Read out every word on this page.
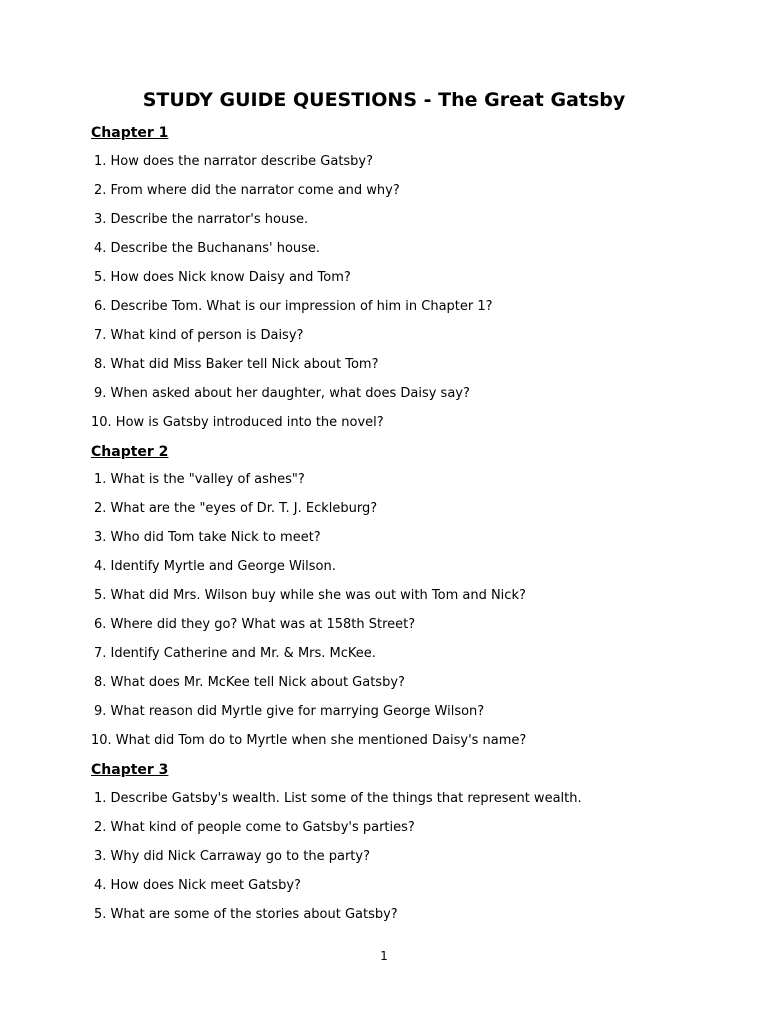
STUDY GUIDE QUESTIONS - The Great Gatsby
Chapter 1
1. How does the narrator describe Gatsby?
2. From where did the narrator come and why?
3. Describe the narrator's house.
4. Describe the Buchanans' house.
5. How does Nick know Daisy and Tom?
6. Describe Tom. What is our impression of him in Chapter 1?
7. What kind of person is Daisy?
8. What did Miss Baker tell Nick about Tom?
9. When asked about her daughter, what does Daisy say?
10. How is Gatsby introduced into the novel?
Chapter 2
1. What is the "valley of ashes"?
2. What are the "eyes of Dr. T. J. Eckleburg?
3. Who did Tom take Nick to meet?
4. Identify Myrtle and George Wilson.
5. What did Mrs. Wilson buy while she was out with Tom and Nick?
6. Where did they go? What was at 158th Street?
7. Identify Catherine and Mr. & Mrs. McKee.
8. What does Mr. McKee tell Nick about Gatsby?
9. What reason did Myrtle give for marrying George Wilson?
10. What did Tom do to Myrtle when she mentioned Daisy's name?
Chapter 3
1. Describe Gatsby's wealth. List some of the things that represent wealth.
2. What kind of people come to Gatsby's parties?
3. Why did Nick Carraway go to the party?
4. How does Nick meet Gatsby?
5. What are some of the stories about Gatsby?
1
